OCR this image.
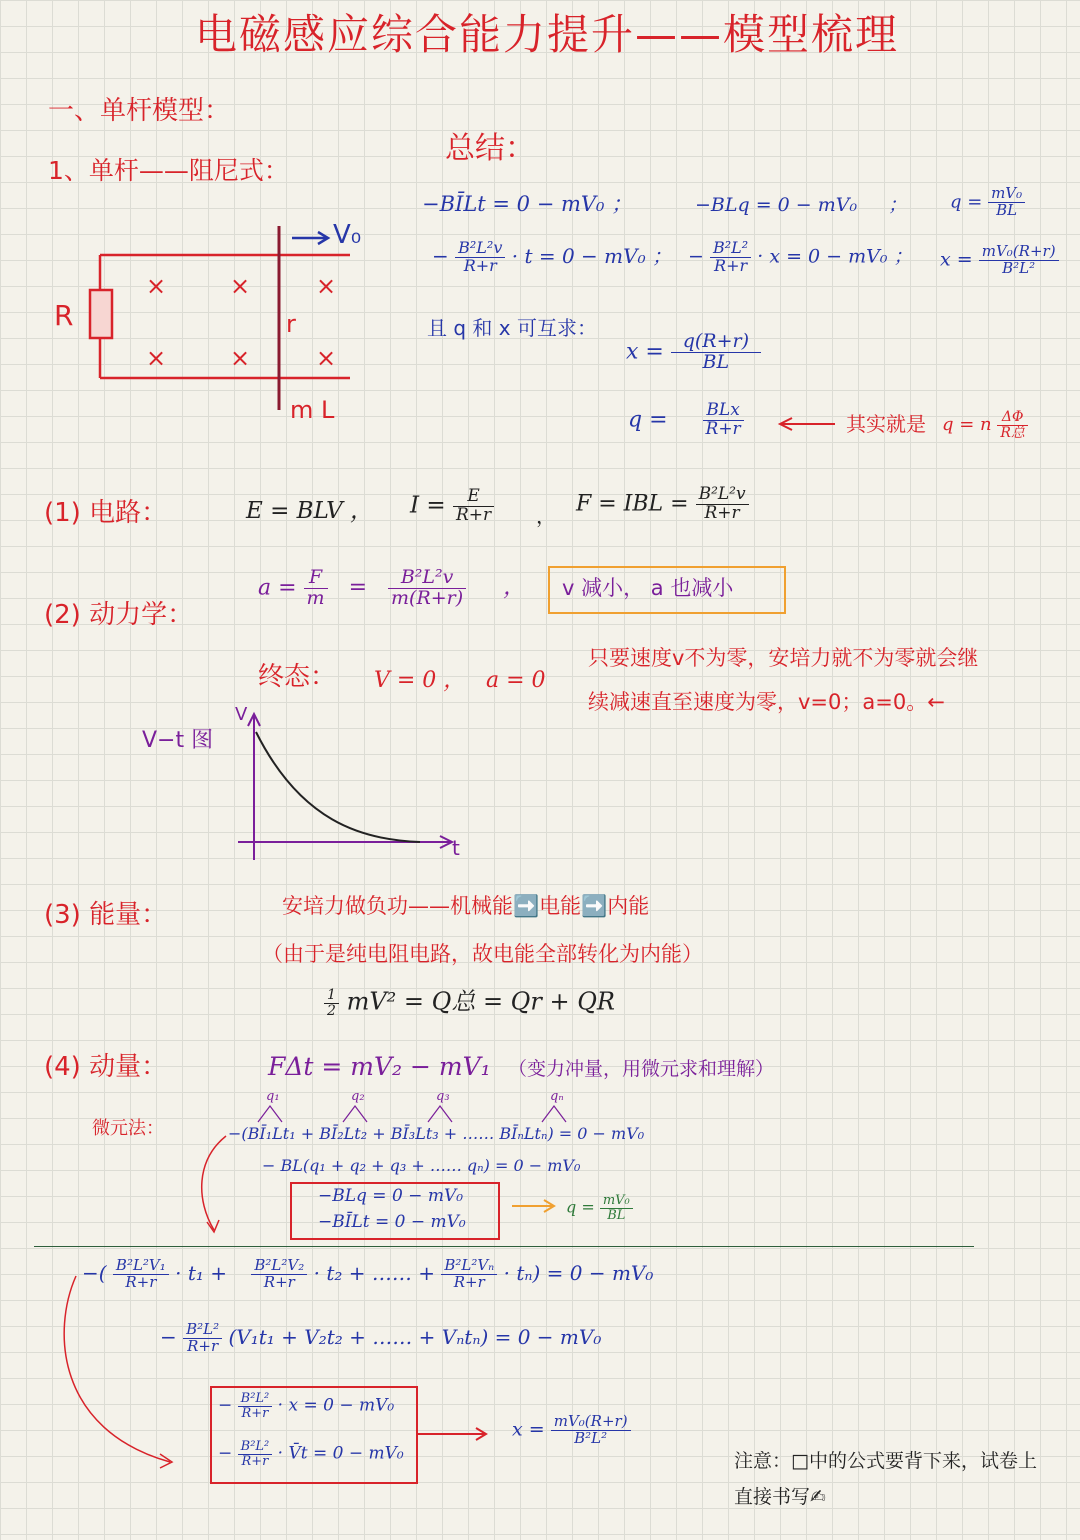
电磁感应综合能力提升——模型梳理
一、单杆模型：
1、单杆——阻尼式：
V₀
R	r
m L
×	×	×
×	×	×
总结：
−BĪLt = 0 − mV₀ ；	−BLq = 0 − mV₀ ； $q = \frac{\text{mV₀}}{BL}$
− $\frac{\text{B²L²v}}{R+r} \cdot t = 0 - mV_0$ ； − $\frac{\text{B²L²}}{R+r} \cdot x = 0 - mV_0$ ； $x = \frac{\text{mV₀(R+r)}}{\text{B²L²}}$
且 q 和 x 可互求：
$x = \frac{q(R+r)}{BL}$
$q = \frac{\text{BLx}}{R+r}$	其实就是 q = n $\frac{\Delta\Phi}{\text{R总}}$
(1) 电路：	E = BLV ， $I = \frac{E}{R+r}$ ， F = IBL = $\frac{\text{B²L²v}}{R+r}$
(2) 动力学：
$a = \frac{F}{m} = \frac{\text{B²L²v}}{m(R+r)}$ ， v 减小， a 也减小
终态： V = 0 ， a = 0
只要速度v不为零，安培力就不为零就会继
续减速直至速度为零，v=0；a=0。←
V−t 图
V
t
(3) 能量：	安培力做负功——机械能➡️电能➡️内能
（由于是纯电阻电路，故电能全部转化为内能）
$\frac{1}{2} mV^2 = Q$总 = Qr + QR
(4) 动量：	FΔt = mV₂ − mV₁ （变力冲量，用微元求和理解）
微元法：
q₁	q₂	q₃	qₙ
−(BĪ₁Lt₁ + BĪ₂Lt₂ + BĪ₃Lt₃ + …… BĪₙLtₙ) = 0 − mV₀
− BL(q₁ + q₂ + q₃ + …… qₙ) = 0 − mV₀
−BLq = 0 − mV₀
−BĪLt = 0 − mV₀
$q = \frac{\text{mV₀}}{BL}$
−( $\frac{\text{B²L²V₁}}{R+r} \cdot t_1 + \frac{\text{B²L²V₂}}{R+r} \cdot t_2$ + …… + $\frac{\text{B²L²Vₙ}}{R+r} \cdot t_n) = 0 - mV_0$
− $\frac{\text{B²L²}}{R+r} (V_1t_1 + V_2t_2$ + …… + Vₙtₙ) = 0 − mV₀
− $\frac{\text{B²L²}}{R+r} \cdot x = 0 - mV_0$
− $\frac{\text{B²L²}}{R+r}$ · V̄t = 0 − mV₀
$x = \frac{\text{mV₀(R+r)}}{\text{B²L²}}$
注意：□中的公式要背下来，试卷上
直接书写✍
